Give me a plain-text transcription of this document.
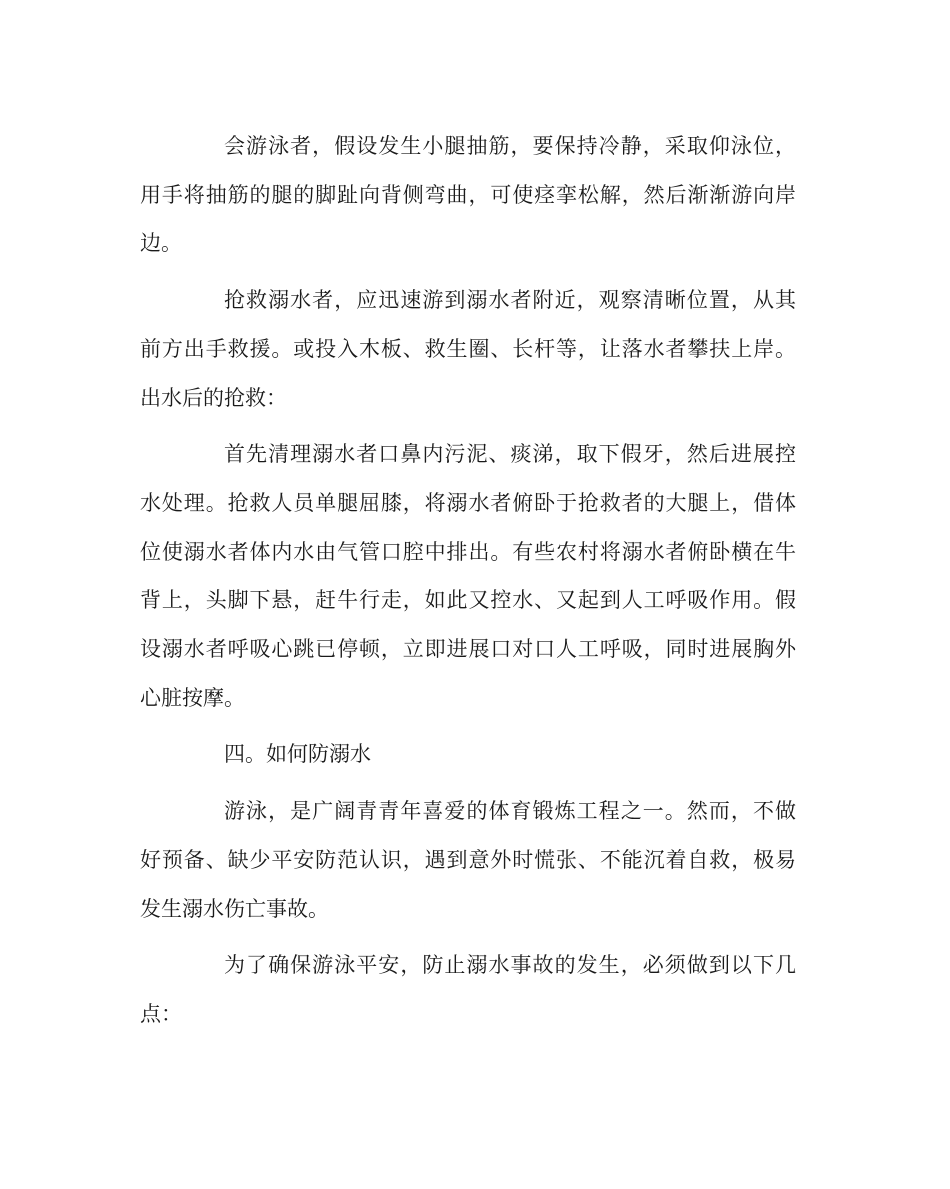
会游泳者，假设发生小腿抽筋，要保持冷静，采取仰泳位，
用手将抽筋的腿的脚趾向背侧弯曲，可使痉挛松解，然后渐渐游向岸
边。
抢救溺水者，应迅速游到溺水者附近，观察清晰位置，从其
前方出手救援。或投入木板、救生圈、长杆等，让落水者攀扶上岸。
出水后的抢救：
首先清理溺水者口鼻内污泥、痰涕，取下假牙，然后进展控
水处理。抢救人员单腿屈膝，将溺水者俯卧于抢救者的大腿上，借体
位使溺水者体内水由气管口腔中排出。有些农村将溺水者俯卧横在牛
背上，头脚下悬，赶牛行走，如此又控水、又起到人工呼吸作用。假
设溺水者呼吸心跳已停顿，立即进展口对口人工呼吸，同时进展胸外
心脏按摩。
四。如何防溺水
游泳，是广阔青青年喜爱的体育锻炼工程之一。然而，不做
好预备、缺少平安防范认识，遇到意外时慌张、不能沉着自救，极易
发生溺水伤亡事故。
为了确保游泳平安，防止溺水事故的发生，必须做到以下几
点：
